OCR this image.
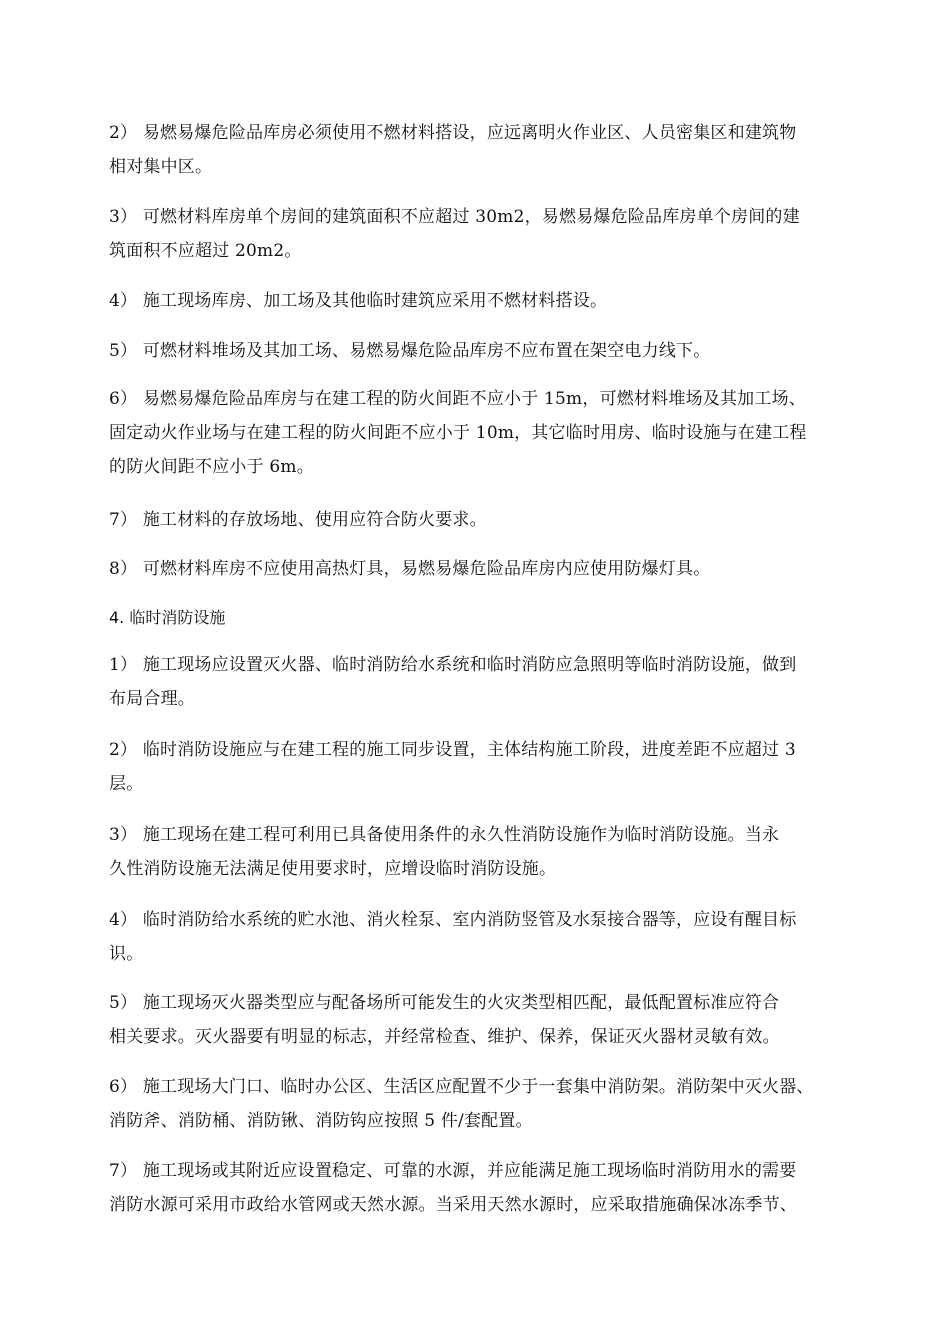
2） 易燃易爆危险品库房必须使用不燃材料搭设，应远离明火作业区、人员密集区和建筑物
相对集中区。
3） 可燃材料库房单个房间的建筑面积不应超过 30m2，易燃易爆危险品库房单个房间的建
筑面积不应超过 20m2。
4） 施工现场库房、加工场及其他临时建筑应采用不燃材料搭设。
5） 可燃材料堆场及其加工场、易燃易爆危险品库房不应布置在架空电力线下。
6） 易燃易爆危险品库房与在建工程的防火间距不应小于 15m，可燃材料堆场及其加工场、
固定动火作业场与在建工程的防火间距不应小于 10m，其它临时用房、临时设施与在建工程
的防火间距不应小于 6m。
7） 施工材料的存放场地、使用应符合防火要求。
8） 可燃材料库房不应使用高热灯具，易燃易爆危险品库房内应使用防爆灯具。
4. 临时消防设施
1） 施工现场应设置灭火器、临时消防给水系统和临时消防应急照明等临时消防设施，做到
布局合理。
2） 临时消防设施应与在建工程的施工同步设置，主体结构施工阶段，进度差距不应超过 3
层。
3） 施工现场在建工程可利用已具备使用条件的永久性消防设施作为临时消防设施。当永
久性消防设施无法满足使用要求时，应增设临时消防设施。
4） 临时消防给水系统的贮水池、消火栓泵、室内消防竖管及水泵接合器等，应设有醒目标
识。
5） 施工现场灭火器类型应与配备场所可能发生的火灾类型相匹配，最低配置标准应符合
相关要求。灭火器要有明显的标志，并经常检查、维护、保养，保证灭火器材灵敏有效。
6） 施工现场大门口、临时办公区、生活区应配置不少于一套集中消防架。消防架中灭火器、
消防斧、消防桶、消防锹、消防钩应按照 5 件/套配置。
7） 施工现场或其附近应设置稳定、可靠的水源，并应能满足施工现场临时消防用水的需要
消防水源可采用市政给水管网或天然水源。当采用天然水源时，应采取措施确保冰冻季节、
